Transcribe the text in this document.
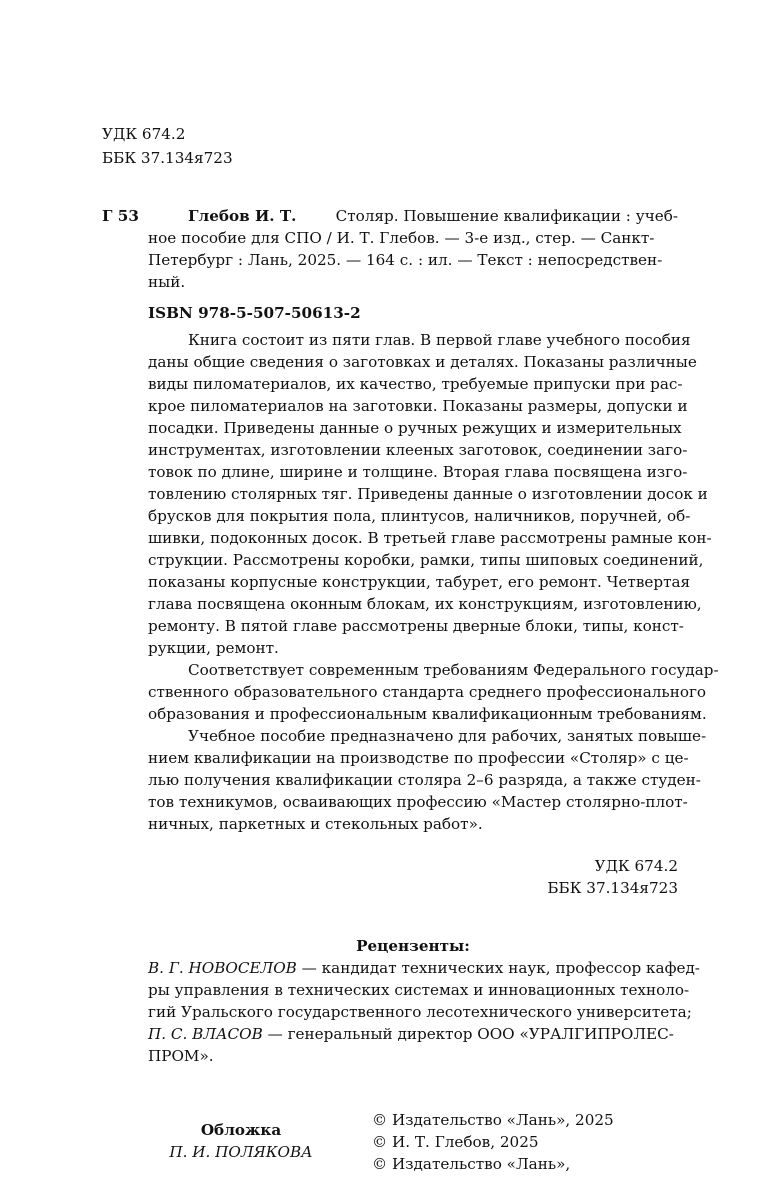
УДК 674.2
ББК 37.134я723
Г 53	Глебов И. Т.	Столяр. Повышение квалификации : учеб-
ное пособие для СПО / И. Т. Глебов. — 3-е изд., стер. — Санкт-
Петербург : Лань, 2025. — 164 с. : ил. — Текст : непосредствен-
ный.
ISBN 978-5-507-50613-2
Книга состоит из пяти глав. В первой главе учебного пособия
даны общие сведения о заготовках и деталях. Показаны различные
виды пиломатериалов, их качество, требуемые припуски при рас-
крое пиломатериалов на заготовки. Показаны размеры, допуски и
посадки. Приведены данные о ручных режущих и измерительных
инструментах, изготовлении клееных заготовок, соединении заго-
товок по длине, ширине и толщине. Вторая глава посвящена изго-
товлению столярных тяг. Приведены данные о изготовлении досок и
брусков для покрытия пола, плинтусов, наличников, поручней, об-
шивки, подоконных досок. В третьей главе рассмотрены рамные кон-
струкции. Рассмотрены коробки, рамки, типы шиповых соединений,
показаны корпусные конструкции, табурет, его ремонт. Четвертая
глава посвящена оконным блокам, их конструкциям, изготовлению,
ремонту. В пятой главе рассмотрены дверные блоки, типы, конст-
рукции, ремонт.
Соответствует современным требованиям Федерального государ-
ственного образовательного стандарта среднего профессионального
образования и профессиональным квалификационным требованиям.
Учебное пособие предназначено для рабочих, занятых повыше-
нием квалификации на производстве по профессии «Столяр» с це-
лью получения квалификации столяра 2–6 разряда, а также студен-
тов техникумов, осваивающих профессию «Мастер столярно-плот-
ничных, паркетных и стекольных работ».
УДК 674.2
ББК 37.134я723
Рецензенты:
В. Г. НОВОСЕЛОВ — кандидат технических наук, профессор кафед-
ры управления в технических системах и инновационных техноло-
гий Уральского государственного лесотехнического университета;
П. С. ВЛАСОВ — генеральный директор ООО «УРАЛГИПРОЛЕС-
ПРОМ».
Обложка
П. И. ПОЛЯКОВА
© Издательство «Лань», 2025
© И. Т. Глебов, 2025
© Издательство «Лань»,
